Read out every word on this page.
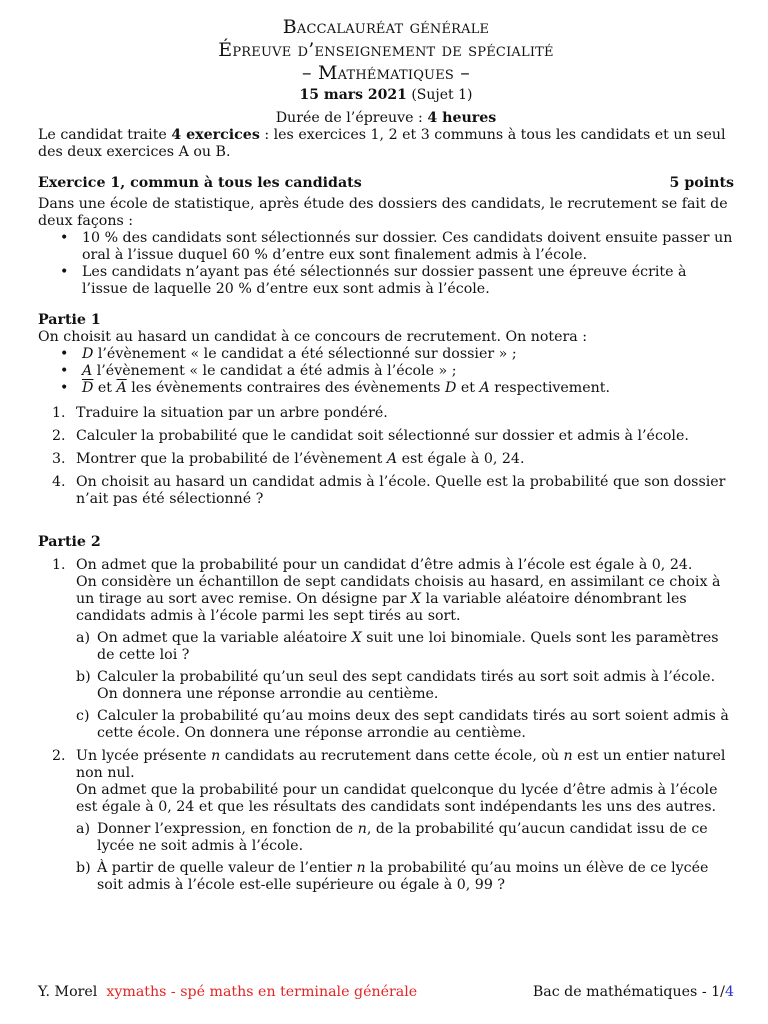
Baccalauréat générale
Épreuve d’enseignement de spécialité
– Mathématiques –
15 mars 2021 (Sujet 1)
Durée de l’épreuve : 4 heures

Le candidat traite 4 exercices : les exercices 1, 2 et 3 communs à tous les candidats et un seul des deux exercices A ou B.

Exercice 1, commun à tous les candidats	5 points

Dans une école de statistique, après étude des dossiers des candidats, le recrutement se fait de deux façons :

• 10 % des candidats sont sélectionnés sur dossier. Ces candidats doivent ensuite passer un oral à l’issue duquel 60 % d’entre eux sont finalement admis à l’école.
• Les candidats n’ayant pas été sélectionnés sur dossier passent une épreuve écrite à l’issue de laquelle 20 % d’entre eux sont admis à l’école.
Partie 1

On choisit au hasard un candidat à ce concours de recrutement. On notera :

• D l’évènement « le candidat a été sélectionné sur dossier » ;
• A l’évènement « le candidat a été admis à l’école » ;
• $\overline{D}$ et $\overline{A}$ les évènements contraires des évènements D et A respectivement.
1. Traduire la situation par un arbre pondéré.
2. Calculer la probabilité que le candidat soit sélectionné sur dossier et admis à l’école.
3. Montrer que la probabilité de l’évènement A est égale à 0, 24.
4. On choisit au hasard un candidat admis à l’école. Quelle est la probabilité que son dossier n’ait pas été sélectionné ?
Partie 2
1. On admet que la probabilité pour un candidat d’être admis à l’école est égale à 0, 24.
On considère un échantillon de sept candidats choisis au hasard, en assimilant ce choix à un tirage au sort avec remise. On désigne par X la variable aléatoire dénombrant les candidats admis à l’école parmi les sept tirés au sort.
a) On admet que la variable aléatoire X suit une loi binomiale. Quels sont les paramètres de cette loi ?
b) Calculer la probabilité qu’un seul des sept candidats tirés au sort soit admis à l’école. On donnera une réponse arrondie au centième.
c) Calculer la probabilité qu’au moins deux des sept candidats tirés au sort soient admis à cette école. On donnera une réponse arrondie au centième.
2. Un lycée présente n candidats au recrutement dans cette école, où n est un entier naturel non nul.
On admet que la probabilité pour un candidat quelconque du lycée d’être admis à l’école est égale à 0, 24 et que les résultats des candidats sont indépendants les uns des autres.
a) Donner l’expression, en fonction de n, de la probabilité qu’aucun candidat issu de ce lycée ne soit admis à l’école.
b) À partir de quelle valeur de l’entier n la probabilité qu’au moins un élève de ce lycée soit admis à l’école est-elle supérieure ou égale à 0, 99 ?
Y. Morel xymaths - spé maths en terminale générale	Bac de mathématiques - 1/4
